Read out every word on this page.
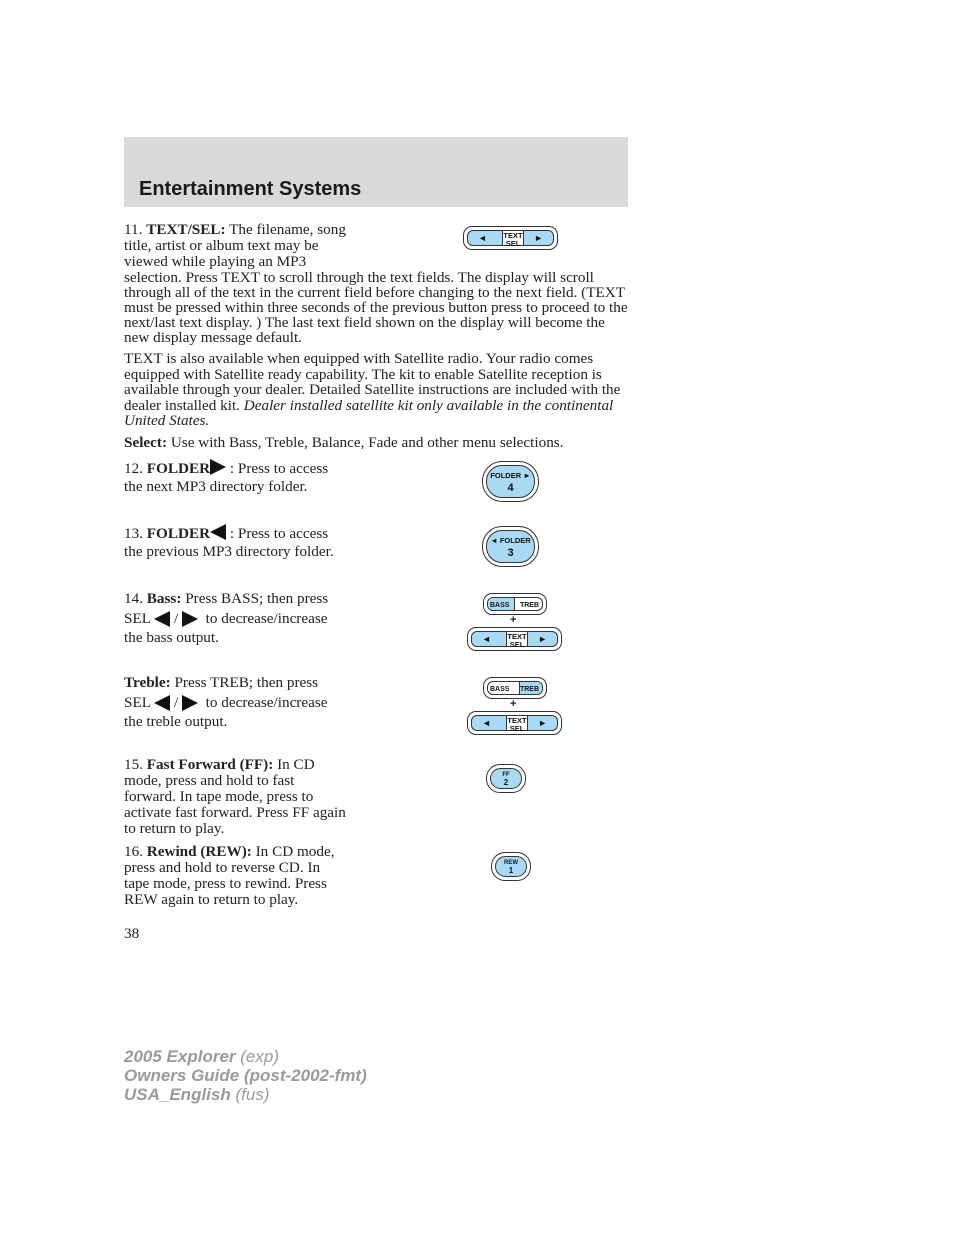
Entertainment Systems
11. TEXT/SEL: The filename, song
title, artist or album text may be
viewed while playing an MP3
selection. Press TEXT to scroll through the text fields. The display will scroll through all of the text in the current field before changing to the next field. (TEXT must be pressed within three seconds of the previous button press to proceed to the next/last text display. ) The last text field shown on the display will become the new display message default.
◄ TEXT
SEL
►
TEXT is also available when equipped with Satellite radio. Your radio comes equipped with Satellite ready capability. The kit to enable Satellite reception is available through your dealer. Detailed Satellite instructions are included with the dealer installed kit. Dealer installed satellite kit only available in the continental United States.
Select: Use with Bass, Treble, Balance, Fade and other menu selections.
12. FOLDER : Press to access
the next MP3 directory folder.
FOLDER ►
4
13. FOLDER : Press to access
the previous MP3 directory folder.
◄ FOLDER
3
14. Bass: Press BASS; then press
SEL / to decrease/increase
the bass output.
BASS TREB
+
◄ TEXT
SEL
►
Treble: Press TREB; then press
SEL / to decrease/increase
the treble output.
BASS TREB
+
◄ TEXT
SEL
►
15. Fast Forward (FF): In CD
mode, press and hold to fast
forward. In tape mode, press to
activate fast forward. Press FF again
to return to play.
FF
2
16. Rewind (REW): In CD mode,
press and hold to reverse CD. In
tape mode, press to rewind. Press
REW again to return to play.
REW
1
38
2005 Explorer (exp)
Owners Guide (post-2002-fmt)
USA_English (fus)
